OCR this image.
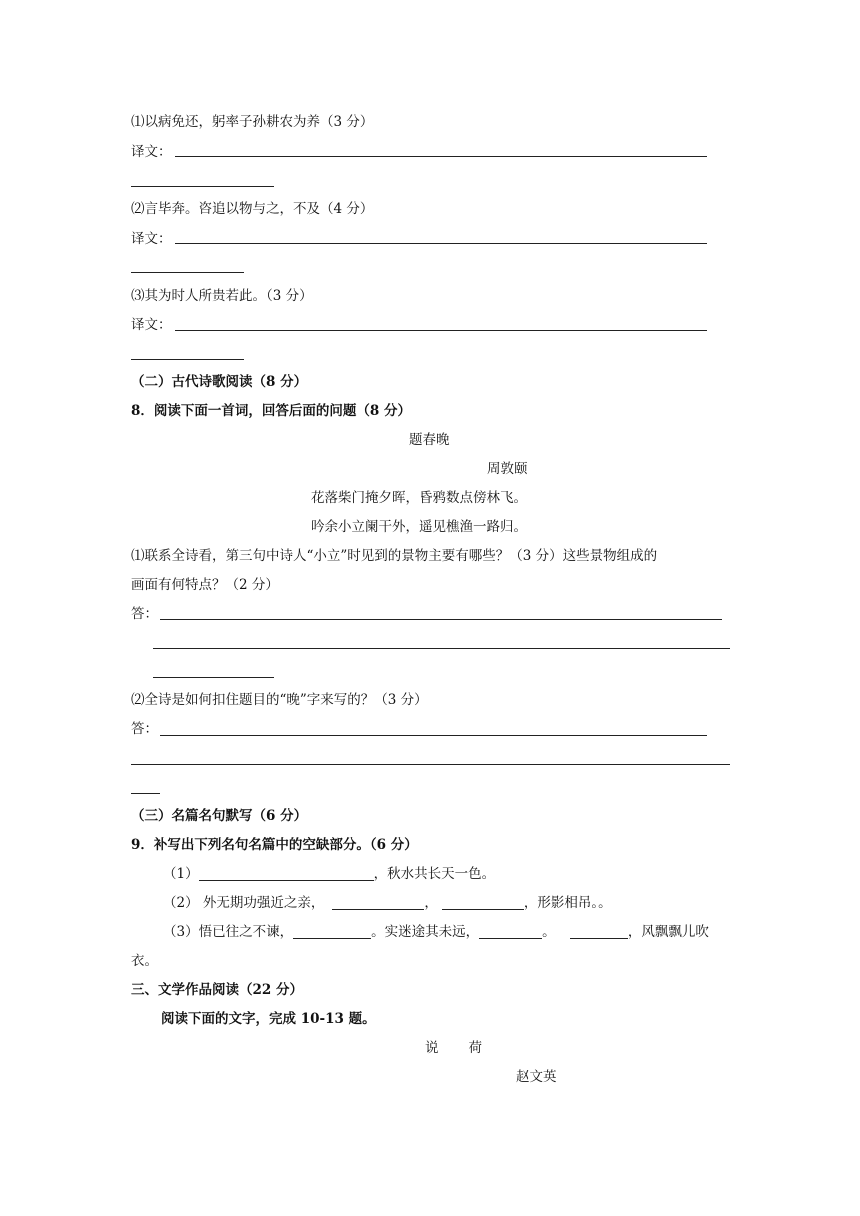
⑴以病免还，躬率子孙耕农为养（3 分）
译文：
⑵言毕奔。咨追以物与之，不及（4 分）
译文：
⑶其为时人所贵若此。（3 分）
译文：
（二）古代诗歌阅读（8 分）
8．阅读下面一首词，回答后面的问题（8 分）
题春晚
周敦颐
花落柴门掩夕晖，昏鸦数点傍林飞。
吟余小立阑干外，遥见樵渔一路归。
⑴联系全诗看，第三句中诗人“小立”时见到的景物主要有哪些？（3 分）这些景物组成的
画面有何特点？（2 分）
答：
⑵全诗是如何扣住题目的“晚”字来写的？（3 分）
答：
（三）名篇名句默写（6 分）
9．补写出下列名句名篇中的空缺部分。（6 分）
（1）	，秋水共长天一色。
（2） 外无期功强近之亲，	，	，形影相吊。。
（3）悟已往之不谏，	。实迷途其未远，	。	，风飘飘儿吹
衣。
三、文学作品阅读（22 分）
阅读下面的文字，完成 10-13 题。
说 荷
赵文英
